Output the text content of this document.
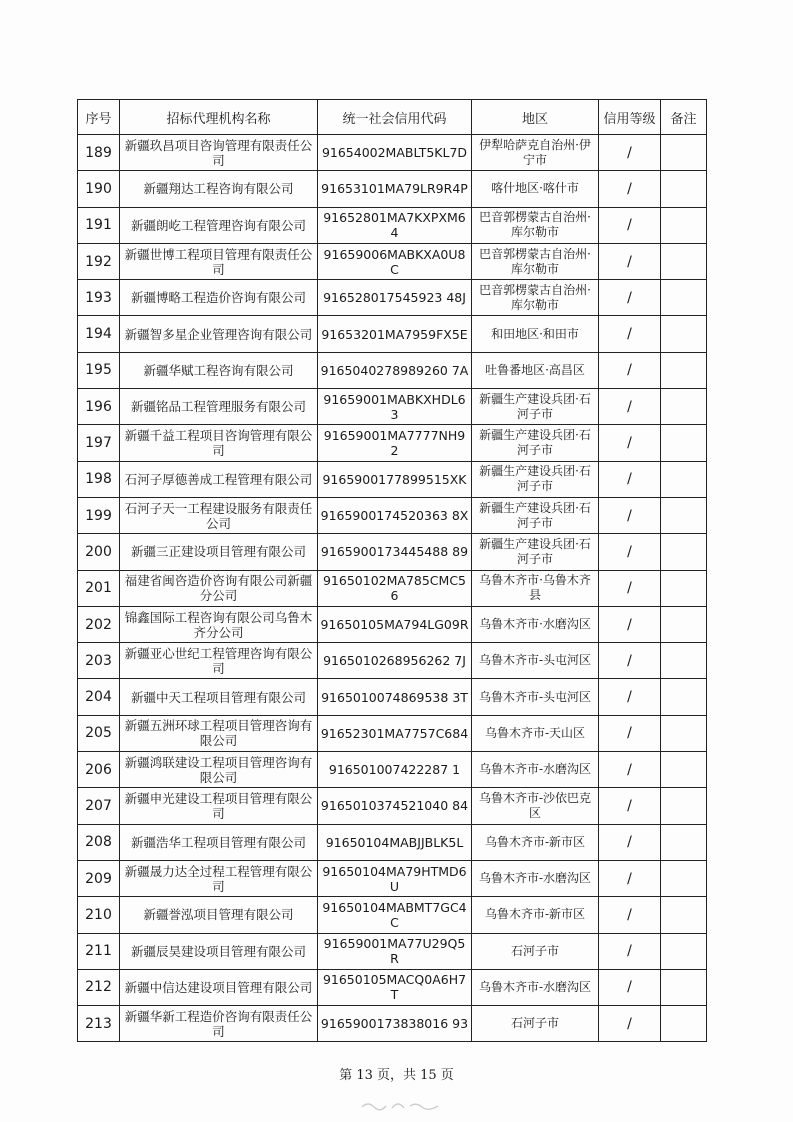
序号	招标代理机构名称	统一社会信用代码	地区	信用等级	备注
189	新疆玖昌项目咨询管理有限责任公司	91654002MABLT5KL7D	伊犁哈萨克自治州·伊宁市	/	
190	新疆翔达工程咨询有限公司	91653101MA79LR9R4P	喀什地区·喀什市	/	
191	新疆朗屹工程管理咨询有限公司	91652801MA7KXPXM64	巴音郭楞蒙古自治州·库尔勒市	/	
192	新疆世博工程项目管理有限责任公司	91659006MABKXA0U8C	巴音郭楞蒙古自治州·库尔勒市	/	
193	新疆博略工程造价咨询有限公司	916528017545923 48J	巴音郭楞蒙古自治州·库尔勒市	/	
194	新疆智多星企业管理咨询有限公司	91653201MA7959FX5E	和田地区·和田市	/	
195	新疆华赋工程咨询有限公司	9165040278989260 7A	吐鲁番地区·高昌区	/	
196	新疆铭品工程管理服务有限公司	91659001MABKXHDL63	新疆生产建设兵团·石河子市	/	
197	新疆千益工程项目咨询管理有限公司	91659001MA7777NH92	新疆生产建设兵团·石河子市	/	
198	石河子厚德善成工程管理有限公司	9165900177899515XK	新疆生产建设兵团·石河子市	/	
199	石河子天一工程建设服务有限责任公司	9165900174520363 8X	新疆生产建设兵团·石河子市	/	
200	新疆三正建设项目管理有限公司	9165900173445488 89	新疆生产建设兵团·石河子市	/	
201	福建省闽咨造价咨询有限公司新疆分公司	91650102MA785CMC56	乌鲁木齐市·乌鲁木齐县	/	
202	锦鑫国际工程咨询有限公司乌鲁木齐分公司	91650105MA794LG09R	乌鲁木齐市·水磨沟区	/	
203	新疆亚心世纪工程管理咨询有限公司	9165010268956262 7J	乌鲁木齐市-头屯河区	/	
204	新疆中天工程项目管理有限公司	9165010074869538 3T	乌鲁木齐市-头屯河区	/	
205	新疆五洲环球工程项目管理咨询有限公司	91652301MA7757C684	乌鲁木齐市-天山区	/	
206	新疆鸿联建设工程项目管理咨询有限公司	916501007422287 1	乌鲁木齐市-水磨沟区	/	
207	新疆申光建设工程项目管理有限公司	9165010374521040 84	乌鲁木齐市-沙依巴克区	/	
208	新疆浩华工程项目管理有限公司	91650104MABJJBLK5L	乌鲁木齐市-新市区	/	
209	新疆晟力达全过程工程管理有限公司	91650104MA79HTMD6U	乌鲁木齐市-水磨沟区	/	
210	新疆誉泓项目管理有限公司	91650104MABMT7GC4C	乌鲁木齐市-新市区	/	
211	新疆辰昊建设项目管理有限公司	91659001MA77U29Q5R	石河子市	/	
212	新疆中信达建设项目管理有限公司	91650105MACQ0A6H7T	乌鲁木齐市-水磨沟区	/	
213	新疆华新工程造价咨询有限责任公司	9165900173838016 93	石河子市	/	
第 13 页，共 15 页
